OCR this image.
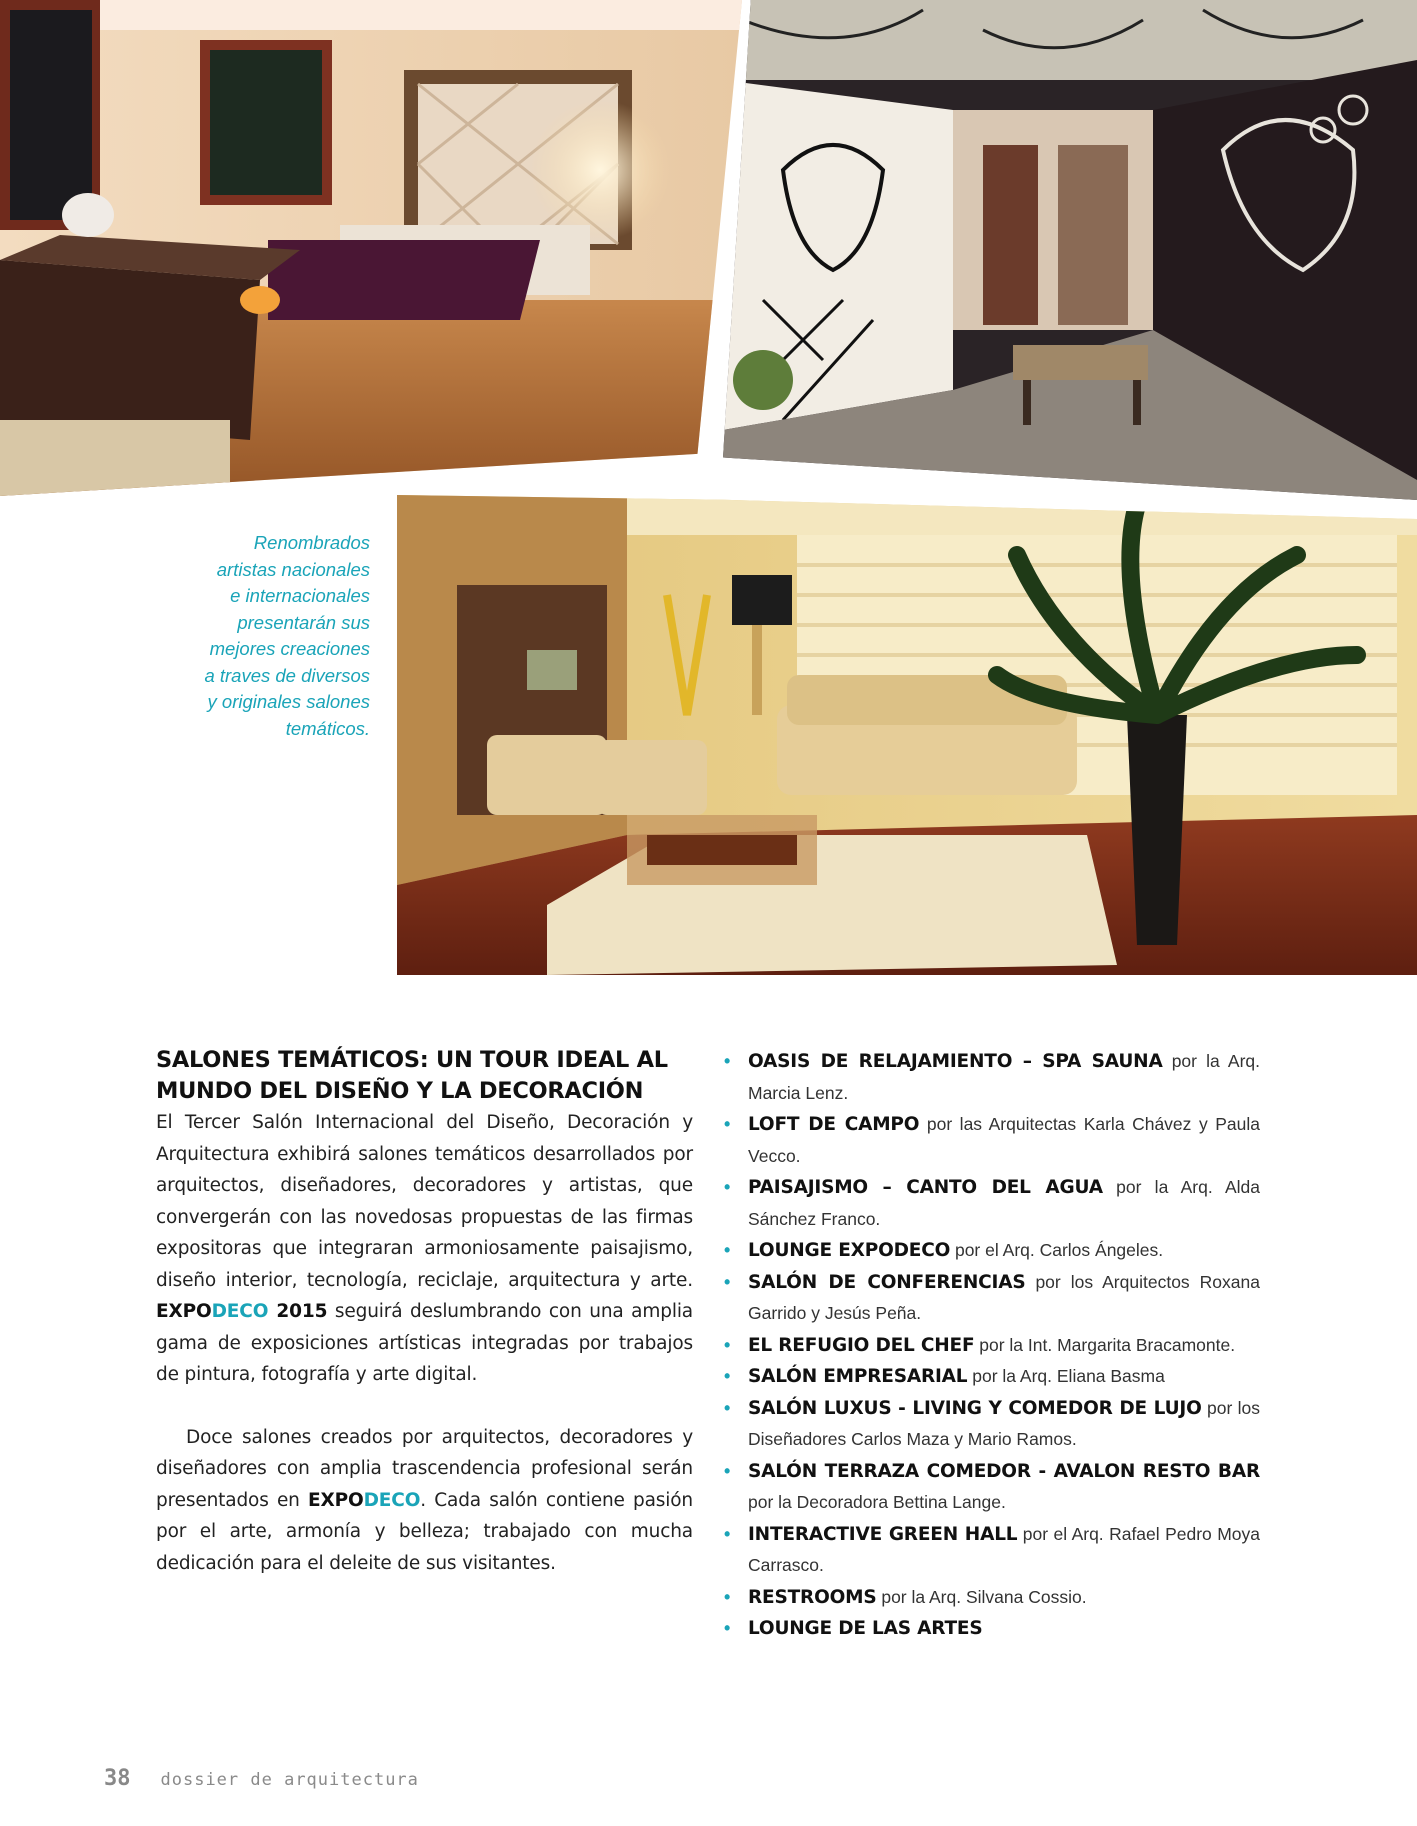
Renombrados
artistas nacionales
e internacionales
presentarán sus
mejores creaciones
a traves de diversos
y originales salones
temáticos.
SALONES TEMÁTICOS: UN TOUR IDEAL AL
MUNDO DEL DISEÑO Y LA DECORACIÓN

El Tercer Salón Internacional del Diseño, Decoración y Arquitectura exhibirá salones temáticos desarrollados por arquitectos, diseñadores, decoradores y artistas, que convergerán con las novedosas propuestas de las firmas expositoras que integraran armoniosamente paisajismo, diseño interior, tecnología, reciclaje, arquitectura y arte. EXPODECO 2015 seguirá deslumbrando con una amplia gama de exposiciones artísticas integradas por trabajos de pintura, fotografía y arte digital.

Doce salones creados por arquitectos, decoradores y diseñadores con amplia trascendencia profesional serán presentados en EXPODECO. Cada salón contiene pasión por el arte, armonía y belleza; trabajado con mucha dedicación para el deleite de sus visitantes.

• OASIS DE RELAJAMIENTO – SPA SAUNA por la Arq. Marcia Lenz.
• LOFT DE CAMPO por las Arquitectas Karla Chávez y Paula Vecco.
• PAISAJISMO – CANTO DEL AGUA por la Arq. Alda Sánchez Franco.
• LOUNGE EXPODECO por el Arq. Carlos Ángeles.
• SALÓN DE CONFERENCIAS por los Arquitectos Roxana Garrido y Jesús Peña.
• EL REFUGIO DEL CHEF por la Int. Margarita Bracamonte.
• SALÓN EMPRESARIAL por la Arq. Eliana Basma
• SALÓN LUXUS - LIVING Y COMEDOR DE LUJO por los Diseñadores Carlos Maza y Mario Ramos.
• SALÓN TERRAZA COMEDOR - AVALON RESTO BAR por la Decoradora Bettina Lange.
• INTERACTIVE GREEN HALL por el Arq. Rafael Pedro Moya Carrasco.
• RESTROOMS por la Arq. Silvana Cossio.
• LOUNGE DE LAS ARTES
38 dossier de arquitectura
